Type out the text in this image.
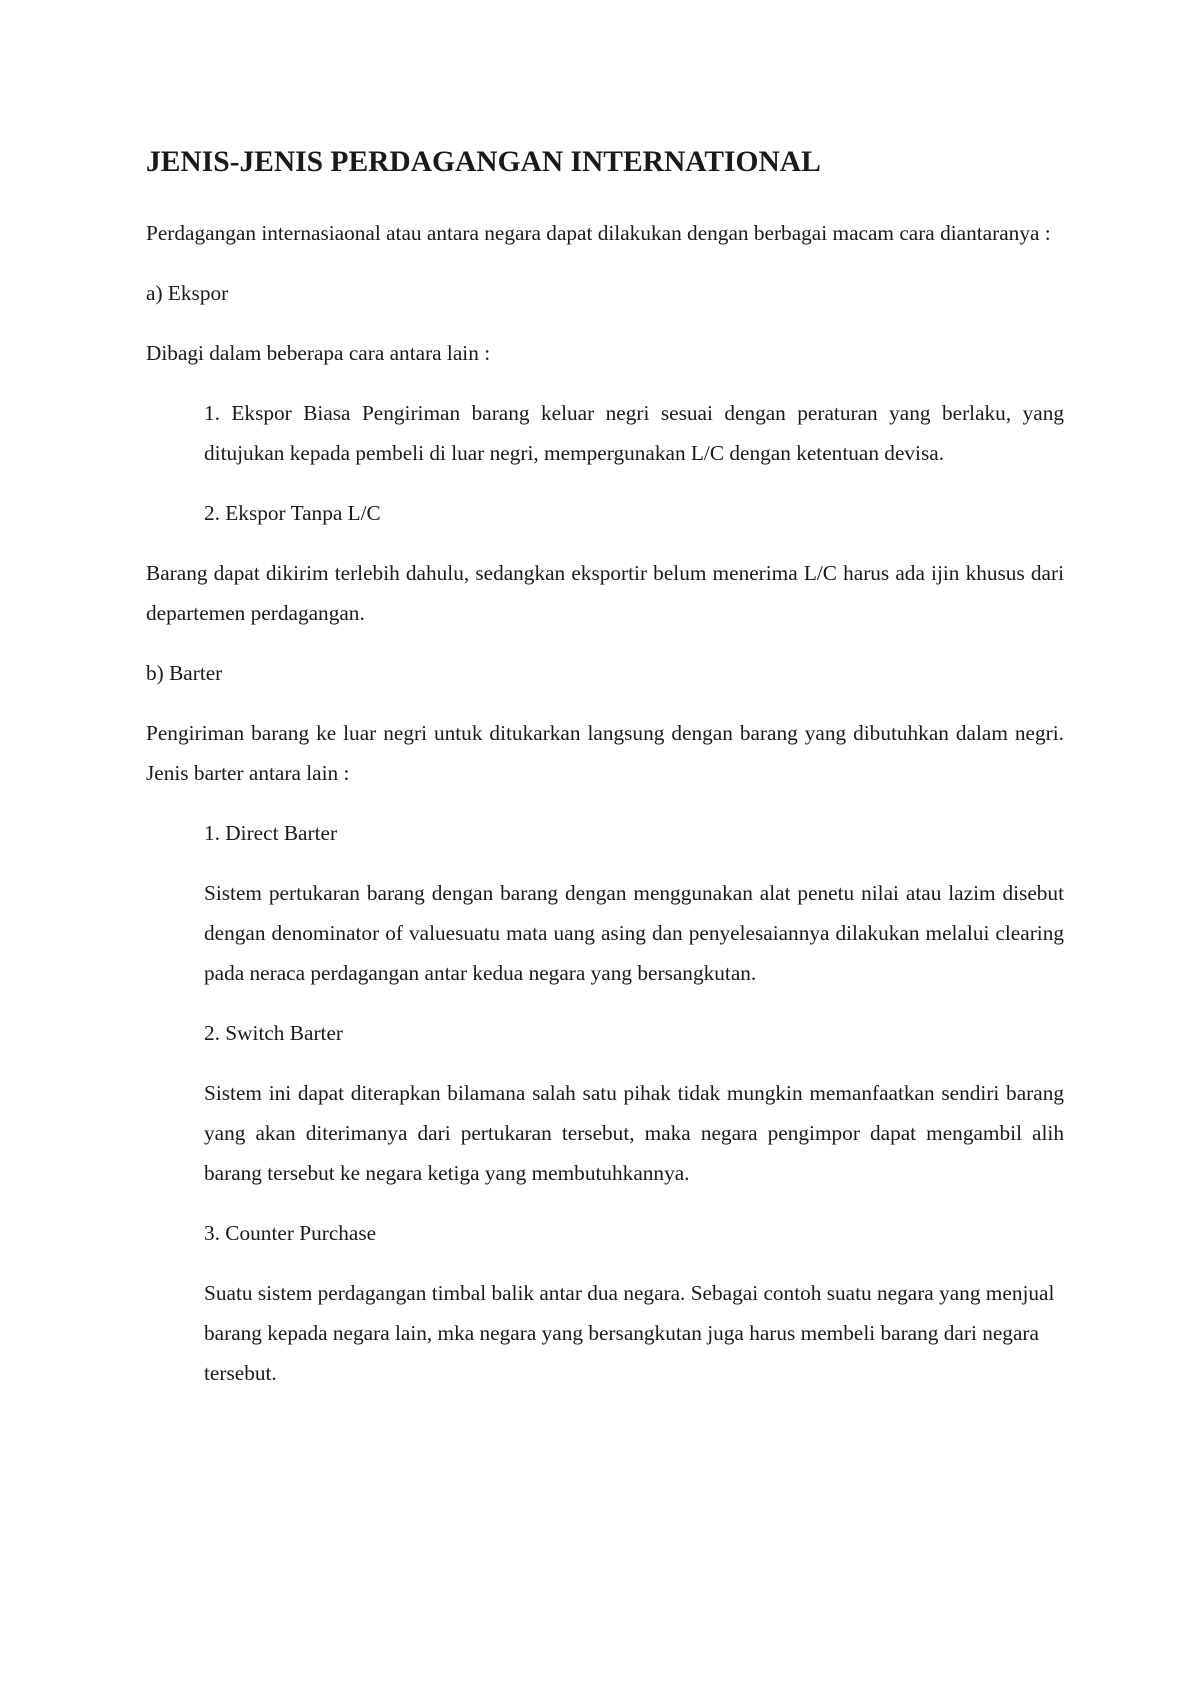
JENIS-JENIS PERDAGANGAN INTERNATIONAL

Perdagangan internasiaonal atau antara negara dapat dilakukan dengan berbagai macam cara diantaranya :

a) Ekspor

Dibagi dalam beberapa cara antara lain :

1. Ekspor Biasa Pengiriman barang keluar negri sesuai dengan peraturan yang berlaku, yang ditujukan kepada pembeli di luar negri, mempergunakan L/C dengan ketentuan devisa.

2. Ekspor Tanpa L/C

Barang dapat dikirim terlebih dahulu, sedangkan eksportir belum menerima L/C harus ada ijin khusus dari departemen perdagangan.

b) Barter

Pengiriman barang ke luar negri untuk ditukarkan langsung dengan barang yang dibutuhkan dalam negri. Jenis barter antara lain :

1. Direct Barter

Sistem pertukaran barang dengan barang dengan menggunakan alat penetu nilai atau lazim disebut dengan denominator of valuesuatu mata uang asing dan penyelesaiannya dilakukan melalui clearing pada neraca perdagangan antar kedua negara yang bersangkutan.

2. Switch Barter

Sistem ini dapat diterapkan bilamana salah satu pihak tidak mungkin memanfaatkan sendiri barang yang akan diterimanya dari pertukaran tersebut, maka negara pengimpor dapat mengambil alih barang tersebut ke negara ketiga yang membutuhkannya.

3. Counter Purchase

Suatu sistem perdagangan timbal balik antar dua negara. Sebagai contoh suatu negara yang menjual barang kepada negara lain, mka negara yang bersangkutan juga harus membeli barang dari negara tersebut.
